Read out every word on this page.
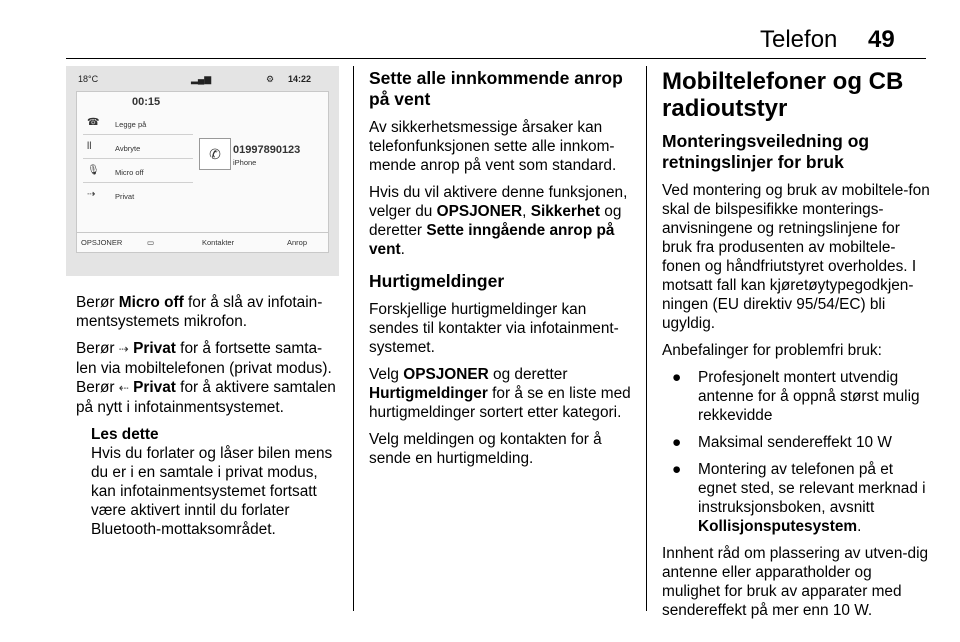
Telefon 49
18°C	▂▄▆	⚙ 14:22
00:15
☎ Legge på
ll	Avbryte
🎙 Micro off
⇢	Privat
✆	01997890123
iPhone
OPSJONER	▭	Kontakter	Anrop

Berør Micro off for å slå av infotain-mentsystemets mikrofon.

Berør ⇢ Privat for å fortsette samta-len via mobiltelefonen (privat modus). Berør ⇠ Privat for å aktivere samtalen på nytt i infotainmentsystemet.

Les dette
Hvis du forlater og låser bilen mens du er i en samtale i privat modus, kan infotainmentsystemet fortsatt være aktivert inntil du forlater Bluetooth-mottaksområdet.
Sette alle innkommende anrop på vent

Av sikkerhetsmessige årsaker kan telefonfunksjonen sette alle innkom-mende anrop på vent som standard.

Hvis du vil aktivere denne funksjonen, velger du OPSJONER, Sikkerhet og deretter Sette inngående anrop på vent.

Hurtigmeldinger

Forskjellige hurtigmeldinger kan sendes til kontakter via infotainment-systemet.

Velg OPSJONER og deretter Hurtigmeldinger for å se en liste med hurtigmeldinger sortert etter kategori.

Velg meldingen og kontakten for å sende en hurtigmelding.

Mobiltelefoner og CB radioutstyr
Monteringsveiledning og retningslinjer for bruk

Ved montering og bruk av mobiltele-fon skal de bilspesifikke monterings-anvisningene og retningslinjene for bruk fra produsenten av mobiltele-fonen og håndfriutstyret overholdes. I motsatt fall kan kjøretøytypegodkjen-ningen (EU direktiv 95/54/EC) bli ugyldig.

Anbefalinger for problemfri bruk:

●	Profesjonelt montert utvendig antenne for å oppnå størst mulig rekkevidde
●	Maksimal sendereffekt 10 W
●	Montering av telefonen på et egnet sted, se relevant merknad i instruksjonsboken, avsnitt Kollisjonsputesystem.

Innhent råd om plassering av utven-dig antenne eller apparatholder og mulighet for bruk av apparater med sendereffekt på mer enn 10 W.
